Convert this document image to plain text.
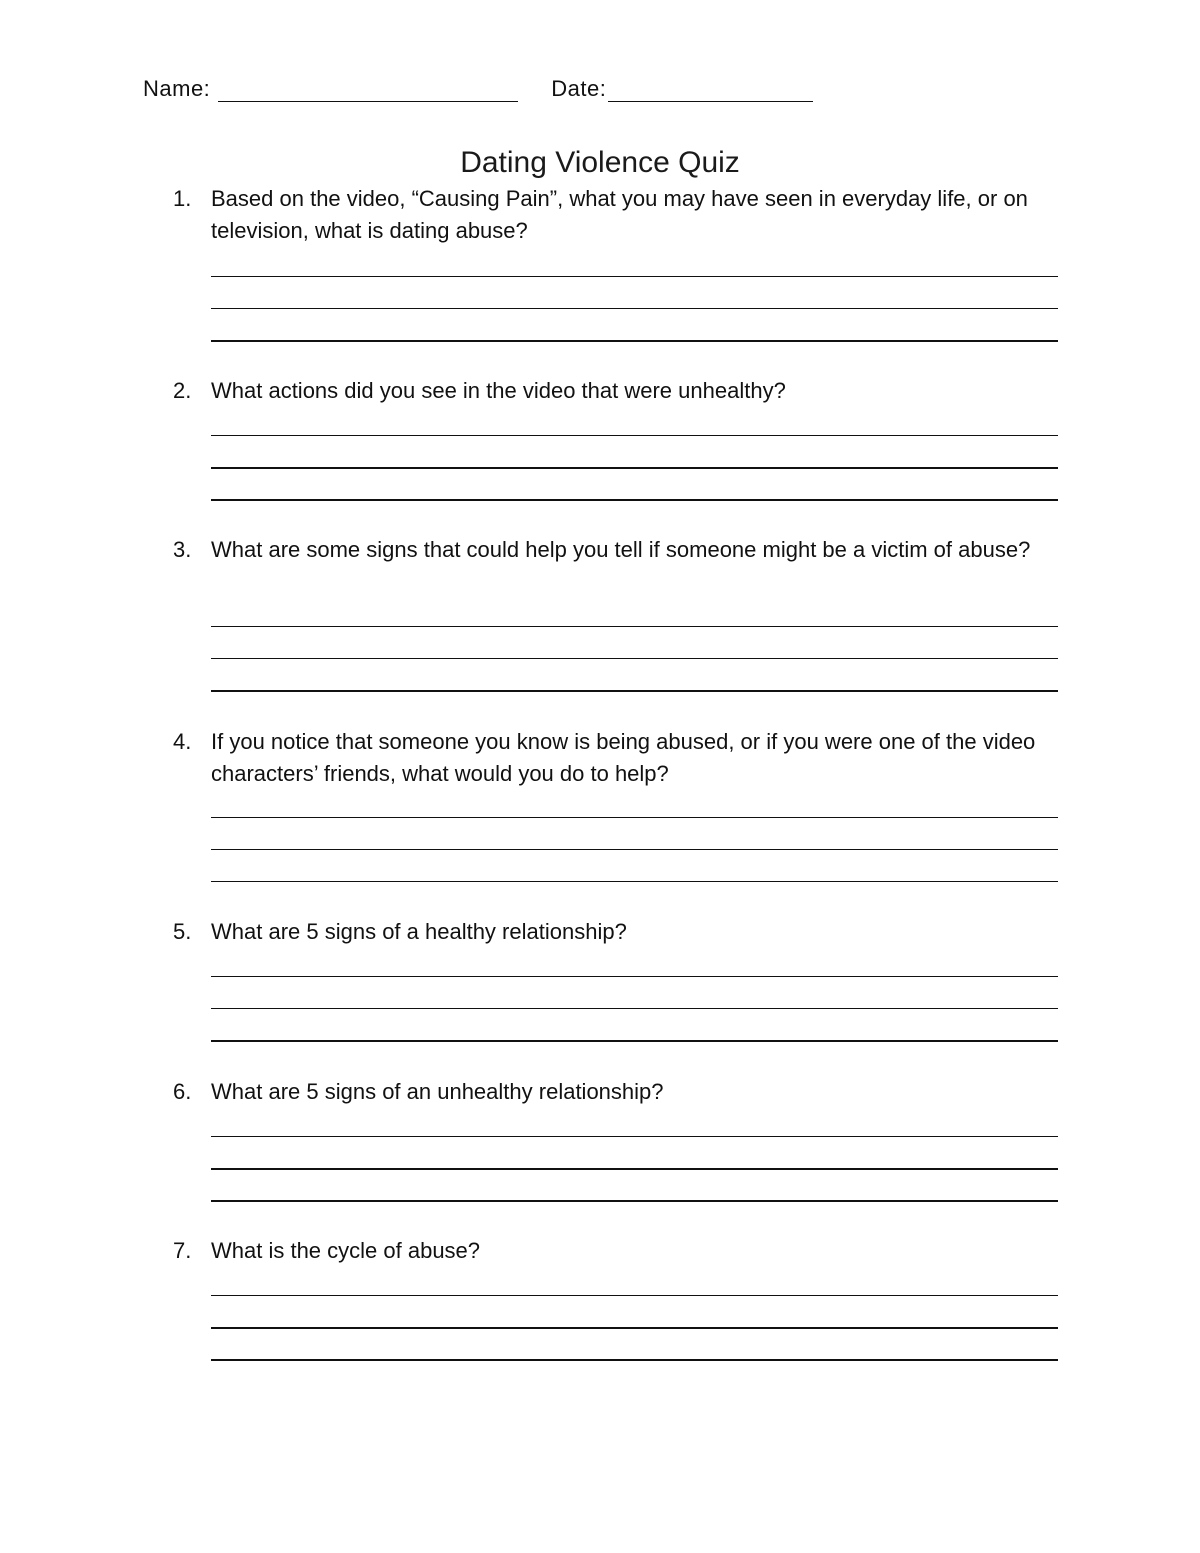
Name:	Date:
Dating Violence Quiz
1. Based on the video, “Causing Pain”, what you may have seen in everyday life, or on television, what is dating abuse?
2. What actions did you see in the video that were unhealthy?
3. What are some signs that could help you tell if someone might be a victim of abuse?
4. If you notice that someone you know is being abused, or if you were one of the video characters’ friends, what would you do to help?
5. What are 5 signs of a healthy relationship?
6. What are 5 signs of an unhealthy relationship?
7. What is the cycle of abuse?
